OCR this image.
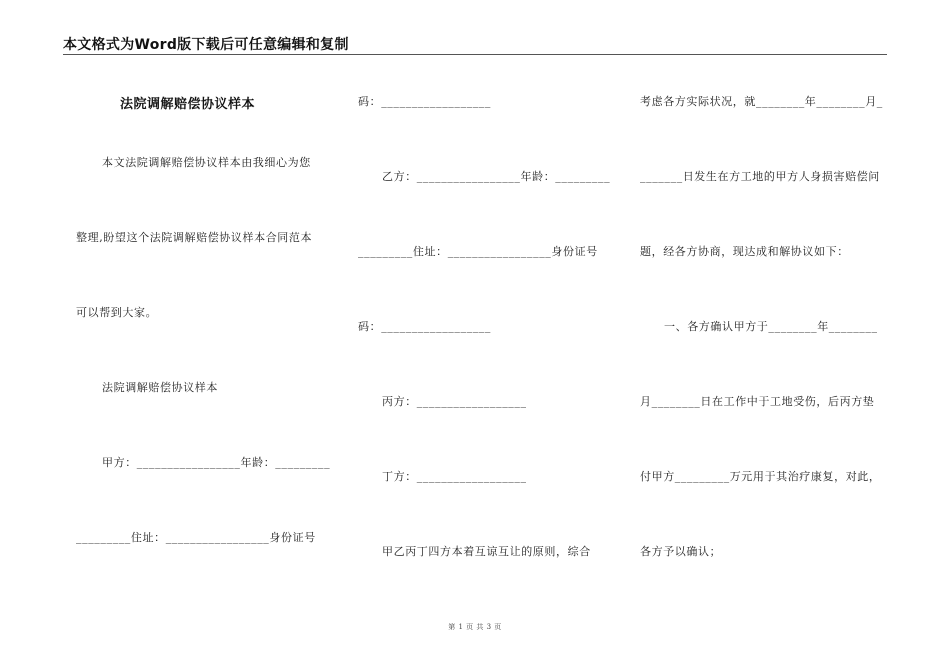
本文格式为Word版下载后可任意编辑和复制
法院调解赔偿协议样本
本文法院调解赔偿协议样本由我细心为您
整理,盼望这个法院调解赔偿协议样本合同范本
可以帮到大家。
法院调解赔偿协议样本
甲方：_________________年龄：_________
_________住址：_________________身份证号
码：__________________
乙方：_________________年龄：_________
_________住址：_________________身份证号
码：__________________
丙方：__________________
丁方：__________________
甲乙丙丁四方本着互谅互让的原则，综合
考虑各方实际状况，就________年________月_
_______日发生在方工地的甲方人身损害赔偿问
题，经各方协商，现达成和解协议如下：
一、各方确认甲方于________年________
月________日在工作中于工地受伤，后丙方垫
付甲方_________万元用于其治疗康复，对此，
各方予以确认；
第 1 页 共 3 页
